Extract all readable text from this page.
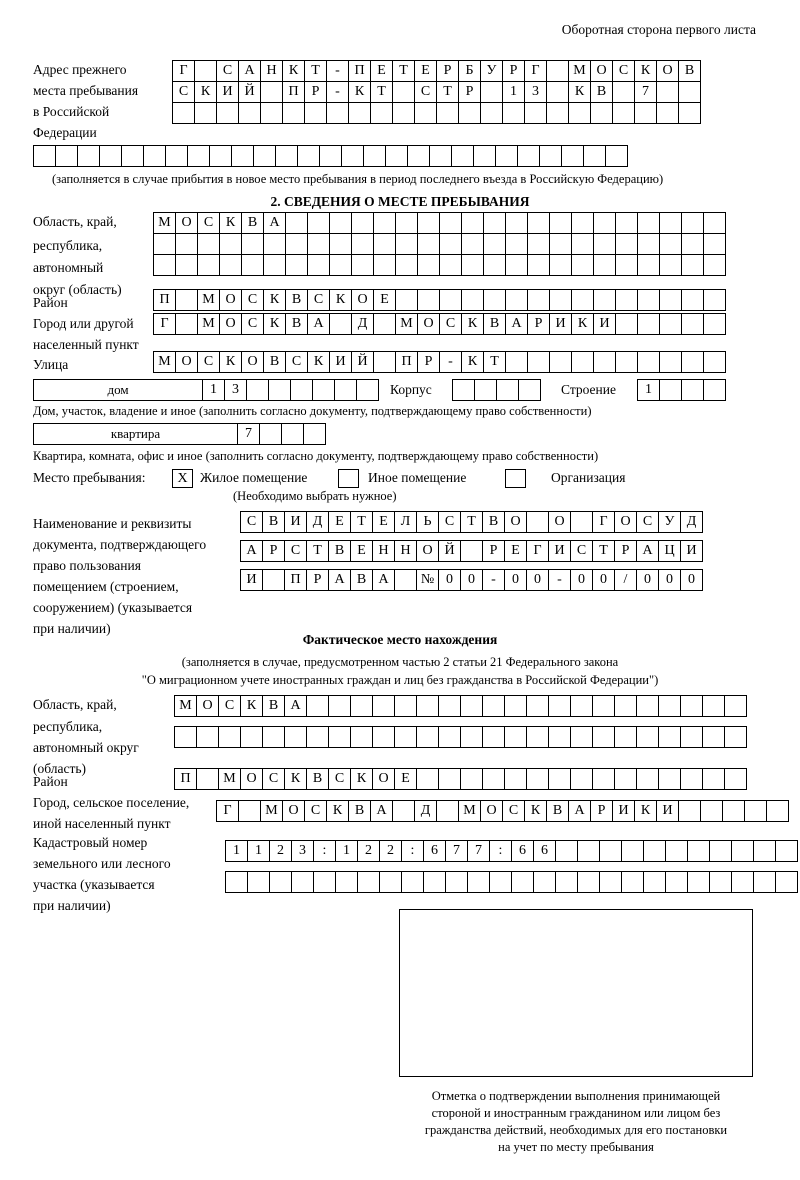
Оборотная сторона первого листа
Адрес прежнего
места пребывания
в Российской
Федерации
Г	С А Н К Т	-	П Е Т Е Р	Б У Р	Г	М О С К О В
С К И Й	П Р	-	К Т	С Т Р	1	3	К В	7
(заполняется в случае прибытия в новое место пребывания в период последнего въезда в Российскую Федерацию)
2. СВЕДЕНИЯ О МЕСТЕ ПРЕБЫВАНИЯ
Область, край,
республика,
автономный
округ (область)
М О С К В А
Район	П	М О С К В С К О Е
Город или другой
населенный пункт
Г	М О С К В А	Д	М О С К В А Р И К И
Улица	М О С К О В С К И Й	П Р	-	К Т
дом	1	3	Корпус	Строение	1
Дом, участок, владение и иное (заполнить согласно документу, подтверждающему право собственности)
квартира	7
Квартира, комната, офис и иное (заполнить согласно документу, подтверждающему право собственности)
Место пребывания:	Х Жилое помещение	Иное помещение	Организация
(Необходимо выбрать нужное)
Наименование и реквизиты
документа, подтверждающего
право пользования
помещением (строением,
сооружением) (указывается
при наличии)
С В И Д Е Т Е Л Ь С Т В О	О	Г О С У Д
А Р С Т В Е Н Н О Й	Р Е Г И С Т Р А Ц И
И	П Р А В А	№ 0	0	-	0	0	-	0	0	/	0	0	0
Фактическое место нахождения
(заполняется в случае, предусмотренном частью 2 статьи 21 Федерального закона
"О миграционном учете иностранных граждан и лиц без гражданства в Российской Федерации")
Область, край,
республика,
автономный округ
(область)
М О С К В А
Район	П	М О С К В С К О Е
Город, сельское поселение,
иной населенный пункт
Г	М О С К В А	Д	М О С К В А Р И К И
Кадастровый номер
земельного или лесного
участка (указывается
при наличии)
1	1	2	3	:	1	2	2	:	6	7	7	:	6	6
Отметка о подтверждении выполнения принимающей
стороной и иностранным гражданином или лицом без
гражданства действий, необходимых для его постановки
на учет по месту пребывания
